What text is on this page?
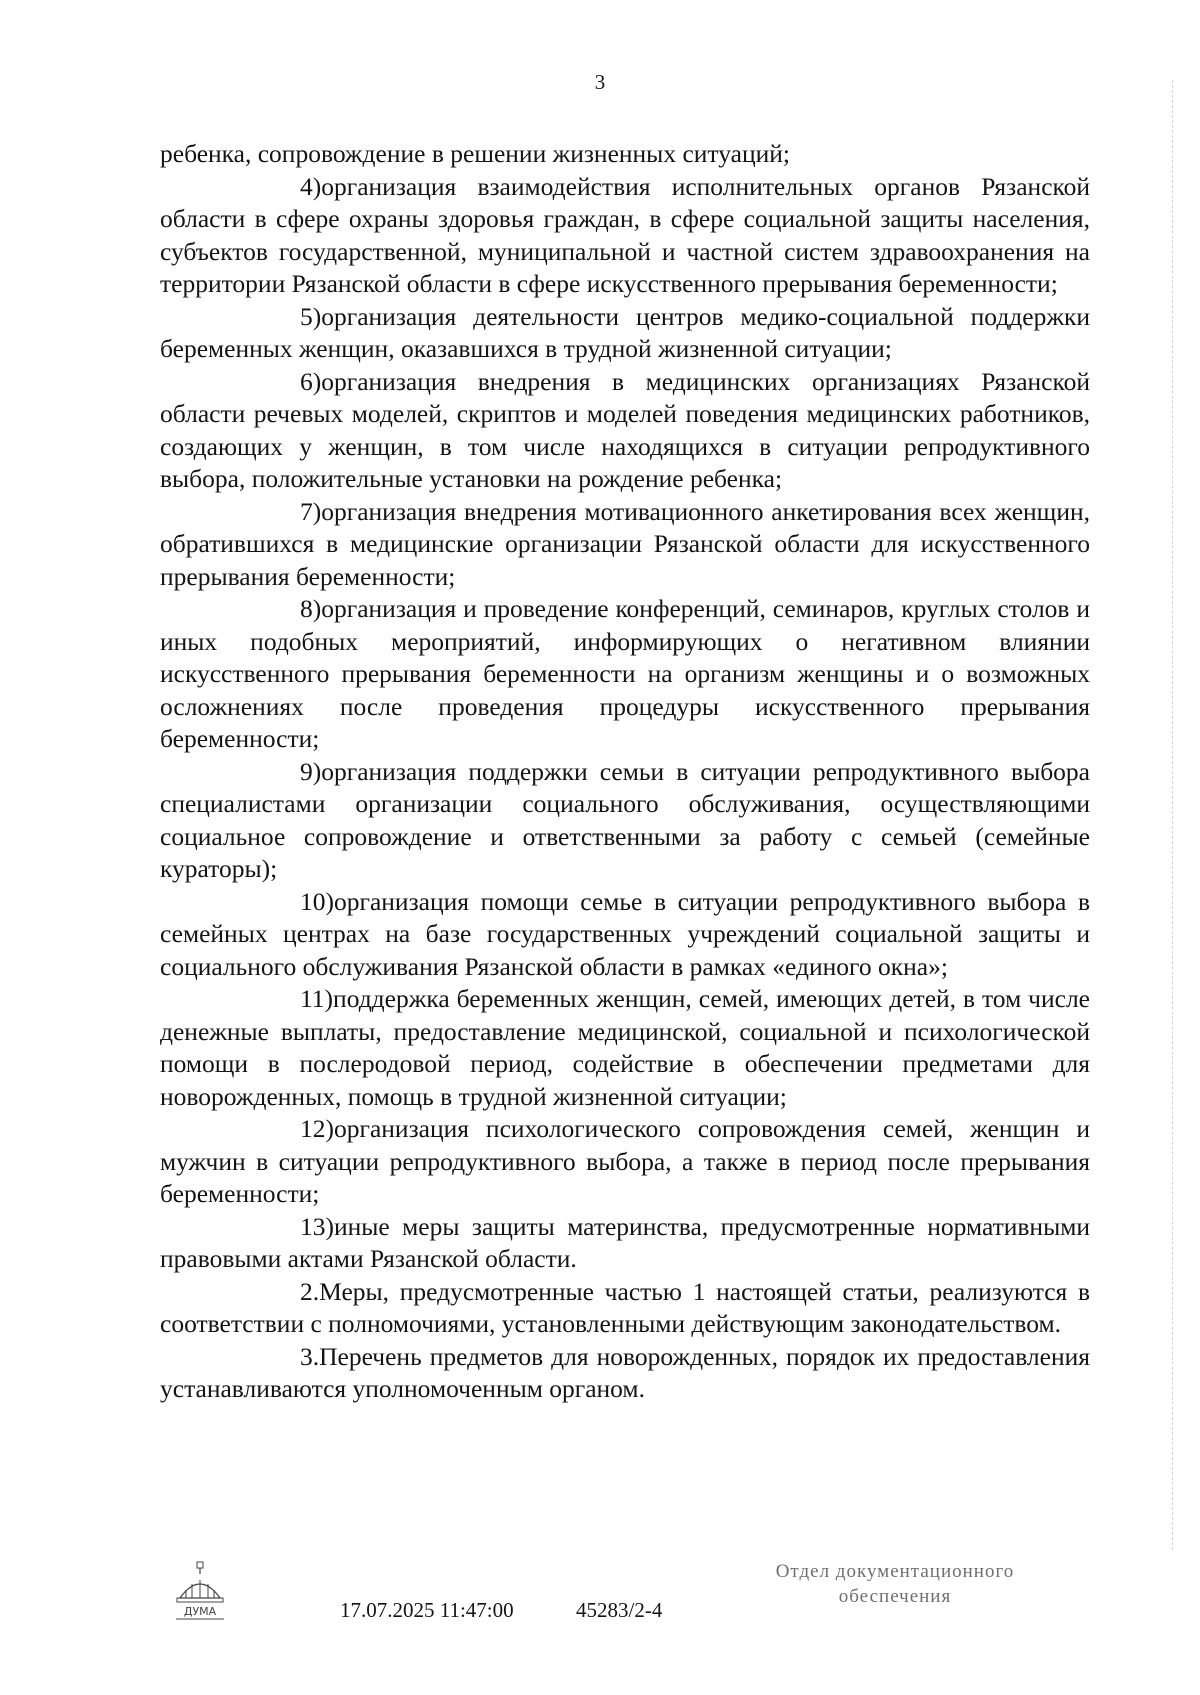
3

ребенка, сопровождение в решении жизненных ситуаций;

4)организация взаимодействия исполнительных органов Рязанской области в сфере охраны здоровья граждан, в сфере социальной защиты населения, субъектов государственной, муниципальной и частной систем здравоохранения на территории Рязанской области в сфере искусственного прерывания беременности;

5)организация деятельности центров медико-социальной поддержки беременных женщин, оказавшихся в трудной жизненной ситуации;

6)организация внедрения в медицинских организациях Рязанской области речевых моделей, скриптов и моделей поведения медицинских работников, создающих у женщин, в том числе находящихся в ситуации репродуктивного выбора, положительные установки на рождение ребенка;

7)организация внедрения мотивационного анкетирования всех женщин, обратившихся в медицинские организации Рязанской области для искусственного прерывания беременности;

8)организация и проведение конференций, семинаров, круглых столов и иных подобных мероприятий, информирующих о негативном влиянии искусственного прерывания беременности на организм женщины и о возможных осложнениях после проведения процедуры искусственного прерывания беременности;

9)организация поддержки семьи в ситуации репродуктивного выбора специалистами организации социального обслуживания, осуществляющими социальное сопровождение и ответственными за работу с семьей (семейные кураторы);

10)организация помощи семье в ситуации репродуктивного выбора в семейных центрах на базе государственных учреждений социальной защиты и социального обслуживания Рязанской области в рамках «единого окна»;

11)поддержка беременных женщин, семей, имеющих детей, в том числе денежные выплаты, предоставление медицинской, социальной и психологической помощи в послеродовой период, содействие в обеспечении предметами для новорожденных, помощь в трудной жизненной ситуации;

12)организация психологического сопровождения семей, женщин и мужчин в ситуации репродуктивного выбора, а также в период после прерывания беременности;

13)иные меры защиты материнства, предусмотренные нормативными правовыми актами Рязанской области.

2.Меры, предусмотренные частью 1 настоящей статьи, реализуются в соответствии с полномочиями, установленными действующим законодательством.

3.Перечень предметов для новорожденных, порядок их предоставления устанавливаются уполномоченным органом.

ДУМА	17.07.2025 11:47:00	45283/2-4
Отдел документационного
обеспечения
